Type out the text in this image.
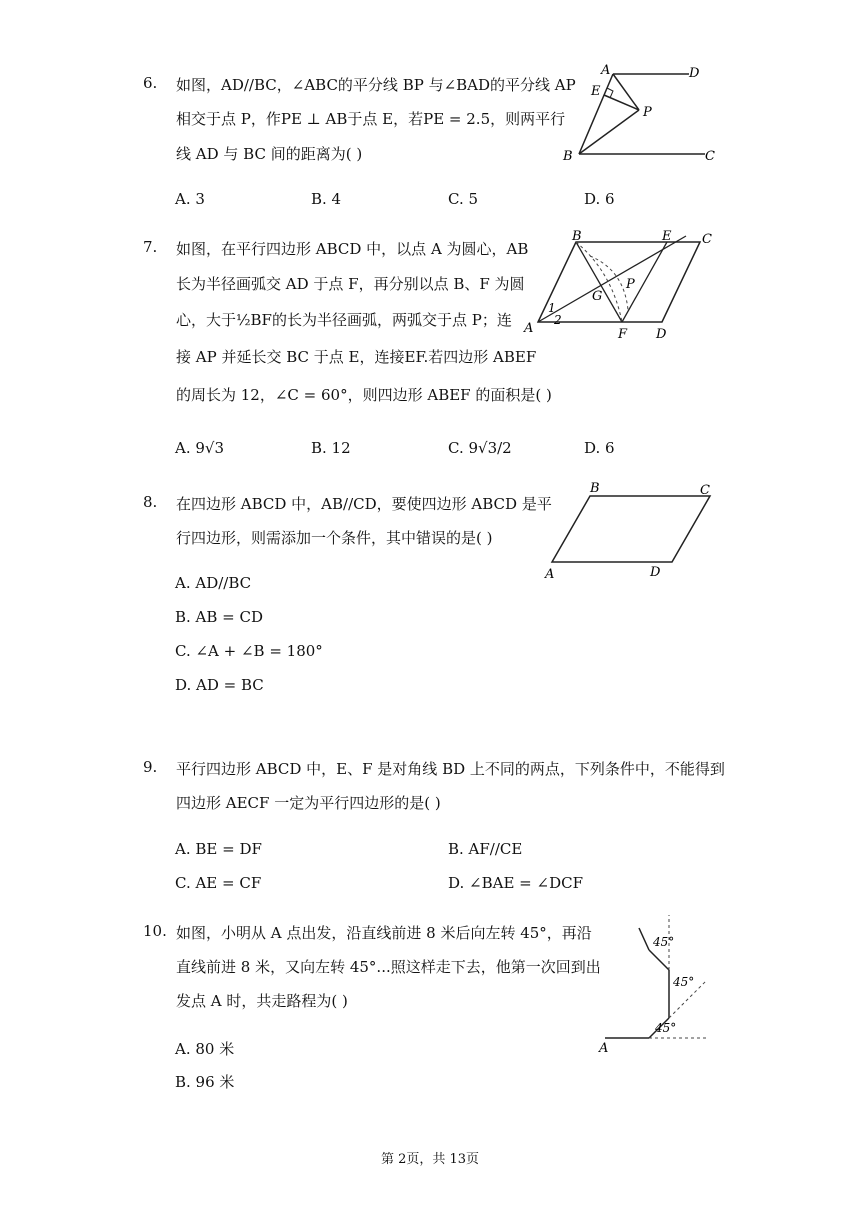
6. 如图，AD//BC，∠ABC的平分线 BP 与∠BAD的平分线 AP
相交于点 P，作PE ⊥ AB于点 E，若PE = 2.5，则两平行
线 AD 与 BC 间的距离为( )
A. 3	B. 4	C. 5	D. 6
A	D
E
P
B	C
7. 如图，在平行四边形 ABCD 中，以点 A 为圆心，AB
长为半径画弧交 AD 于点 F，再分别以点 B、F 为圆
心，大于½BF的长为半径画弧，两弧交于点 P；连
接 AP 并延长交 BC 于点 E，连接EF.若四边形 ABEF
的周长为 12，∠C = 60°，则四边形 ABEF 的面积是( )
A. 9√3	B. 12	C. 9√3/2	D. 6
B	E C
G
P
A
1
2
F D
8. 在四边形 ABCD 中，AB//CD，要使四边形 ABCD 是平
行四边形，则需添加一个条件，其中错误的是( )
A. AD//BC
B. AB = CD
C. ∠A + ∠B = 180°
D. AD = BC
B	C
A	D
9. 平行四边形 ABCD 中，E、F 是对角线 BD 上不同的两点，下列条件中，不能得到
四边形 AECF 一定为平行四边形的是( )
A. BE = DF	B. AF//CE
C. AE = CF	D. ∠BAE = ∠DCF
10. 如图，小明从 A 点出发，沿直线前进 8 米后向左转 45°，再沿
直线前进 8 米，又向左转 45°...照这样走下去，他第一次回到出
发点 A 时，共走路程为( )
A. 80 米
B. 96 米
45°
45°
45°
A
第 2页，共 13页
